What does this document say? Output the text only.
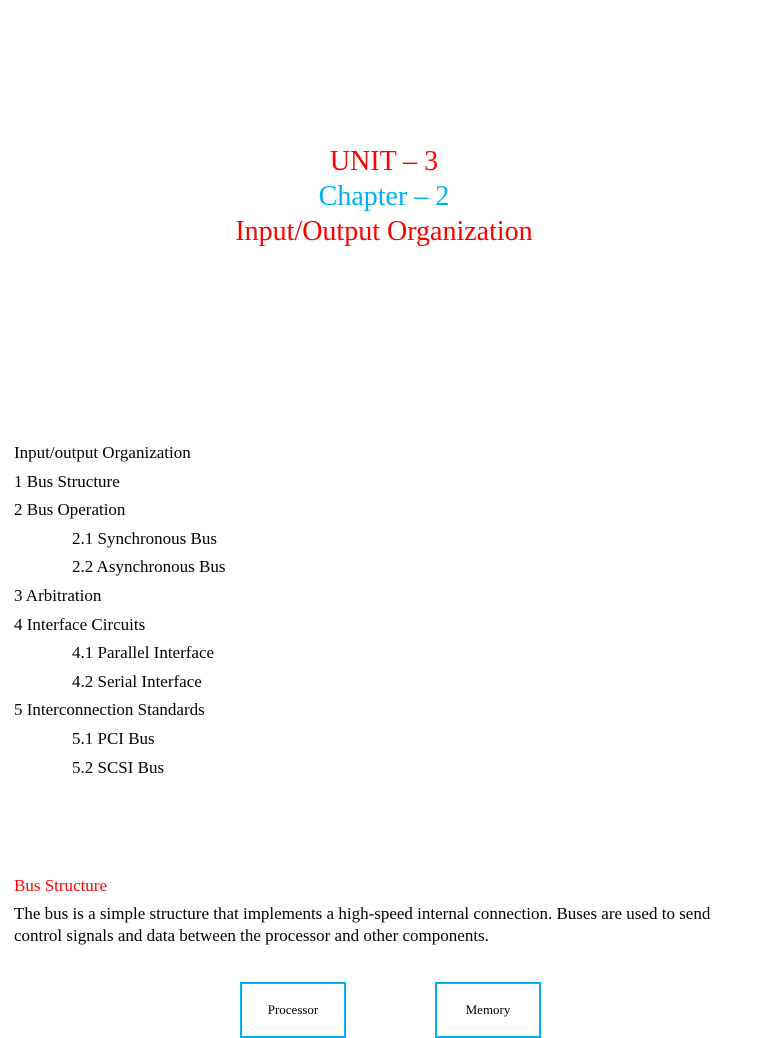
UNIT – 3
Chapter – 2
Input/Output Organization
Input/output Organization
1 Bus Structure
2 Bus Operation
2.1 Synchronous Bus
2.2 Asynchronous Bus
3 Arbitration
4 Interface Circuits
4.1 Parallel Interface
4.2 Serial Interface
5 Interconnection Standards
5.1 PCI Bus
5.2 SCSI Bus
Bus Structure
The bus is a simple structure that implements a high-speed internal connection. Buses are used to send control signals and data between the processor and other components.
Processor	Memory
